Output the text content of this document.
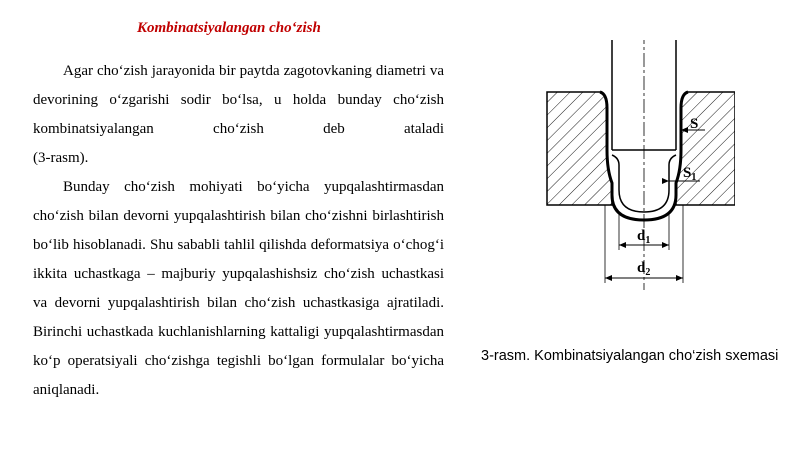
Kombinatsiyalangan cho‘zish

Agar cho‘zish jarayonida bir paytda zagotovkaning diametri va devorining o‘zgarishi sodir bo‘lsa, u holda bunday cho‘zish kombinatsiyalangan cho‘zish deb ataladi

(3-rasm).

Bunday cho‘zish mohiyati bo‘yicha yupqalashtirmasdan cho‘zish bilan devorni yupqalashtirish bilan cho‘zishni birlashtirish bo‘lib hisoblanadi. Shu sababli tahlil qilishda deformatsiya o‘chog‘i ikkita uchastkaga – majburiy yupqalashishsiz cho‘zish uchastkasi va devorni yupqalashtirish bilan cho‘zish uchastkasiga ajratiladi. Birinchi uchastkada kuchlanishlarning kattaligi yupqalashtirmasdan ko‘p operatsiyali cho‘zishga tegishli bo‘lgan formulalar bo‘yicha aniqlanadi.

S
$S_1$
$d_1$
$d_2$
3-rasm. Kombinatsiyalangan cho‘zish sxemasi
